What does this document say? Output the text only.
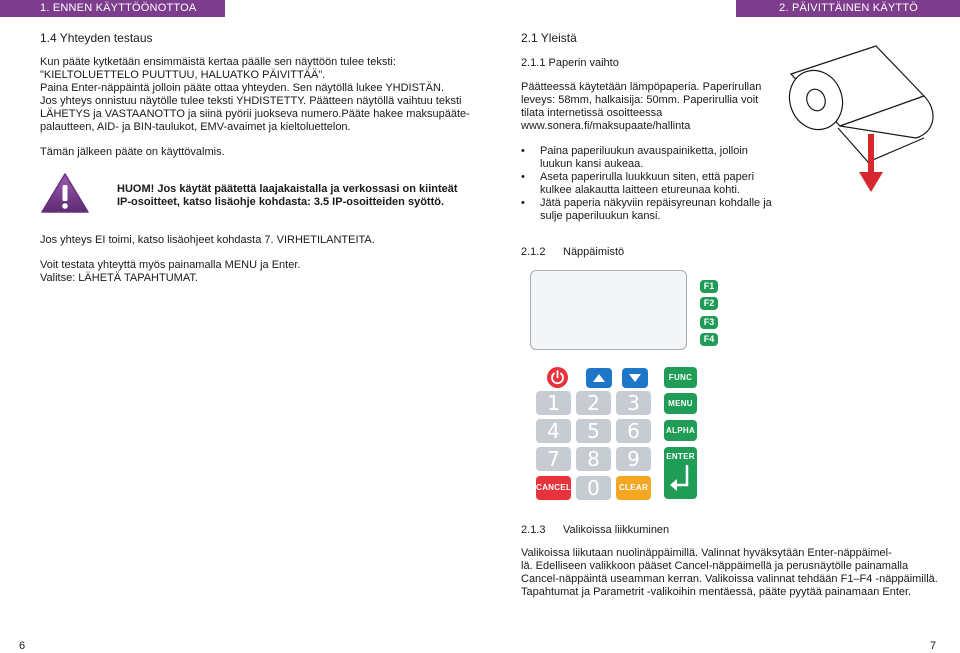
1. ENNEN KÄYTTÖÖNOTTOA	2. PÄIVITTÄINEN KÄYTTÖ
1.4 Yhteyden testaus
Kun pääte kytketään ensimmäistä kertaa päälle sen näyttöön tulee teksti:
"KIELTOLUETTELO PUUTTUU, HALUATKO PÄIVITTÄÄ".
Paina Enter-näppäintä jolloin pääte ottaa yhteyden. Sen näytöllä lukee YHDISTÄN.
Jos yhteys onnistuu näytölle tulee teksti YHDISTETTY. Päätteen näytöllä vaihtuu teksti
LÄHETYS ja VASTAANOTTO ja siinä pyörii juokseva numero.Pääte hakee maksupääte-
palautteen, AID- ja BIN-taulukot, EMV-avaimet ja kieltoluettelon.
Tämän jälkeen pääte on käyttövalmis.
HUOM! Jos käytät päätettä laajakaistalla ja verkossasi on kiinteät
IP-osoitteet, katso lisäohje kohdasta: 3.5 IP-osoitteiden syöttö.
Jos yhteys EI toimi, katso lisäohjeet kohdasta 7. VIRHETILANTEITA.
Voit testata yhteyttä myös painamalla MENU ja Enter.
Valitse: LÄHETÄ TAPAHTUMAT.
6
2.1 Yleistä
2.1.1 Paperin vaihto
Päätteessä käytetään lämpöpaperia. Paperirullan
leveys: 58mm, halkaisija: 50mm. Paperirullia voit
tilata internetissä osoitteessa
www.sonera.fi/maksupaate/hallinta
• Paina paperiluukun avauspainiketta, jolloin
luukun kansi aukeaa.
• Aseta paperirulla luukkuun siten, että paperi
kulkee alakautta laitteen etureunaa kohti.
• Jätä paperia näkyviin repäisyreunan kohdalle ja
sulje paperiluukun kansi.
2.1.2 Näppäimistö
F1
F2
F3
F4
1	2	3
4	5	6
7	8	9
CANCEL 0	CLEAR
FUNC
MENU
ALPHA
ENTER
2.1.3 Valikoissa liikkuminen
Valikoissa liikutaan nuolinäppäimillä. Valinnat hyväksytään Enter-näppäimel-
lä. Edelliseen valikkoon pääset Cancel-näppäimellä ja perusnäytölle painamalla
Cancel-näppäintä useamman kerran. Valikoissa valinnat tehdään F1–F4 -näppäimillä.
Tapahtumat ja Parametrit -valikoihin mentäessä, pääte pyytää painamaan Enter.
7
